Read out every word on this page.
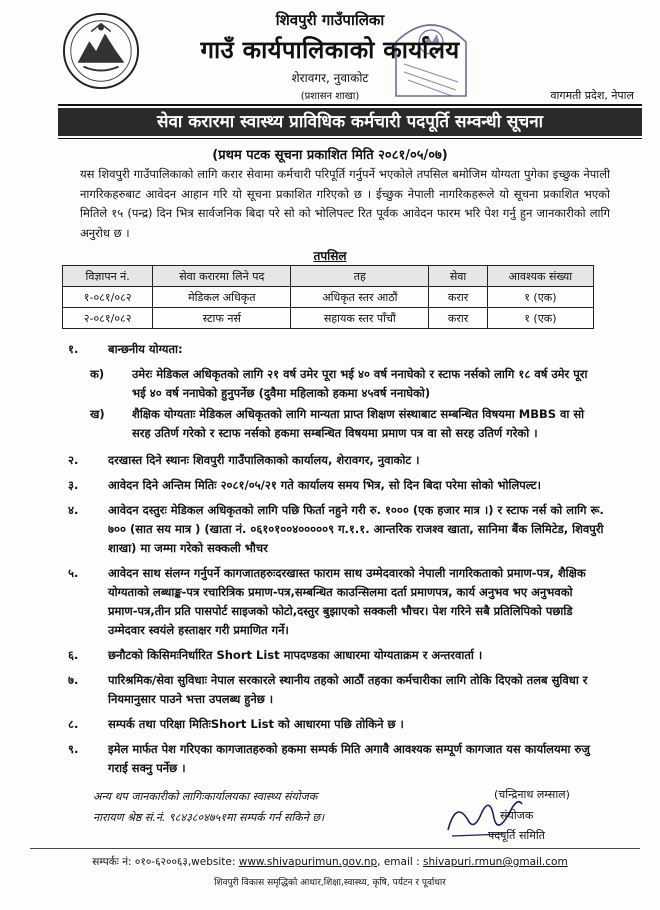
शिवपुरी गाउँपालिका
गाउँ कार्यपालिकाको कार्यालय
शेरावगर, नुवाकोट
(प्रशासन शाखा)	वागमती प्रदेश, नेपाल
सेवा करारमा स्वास्थ्य प्राविधिक कर्मचारी पदपूर्ति सम्वन्धी सूचना
(प्रथम पटक सूचना प्रकाशित मिति २०८१/०५/०७)
यस शिवपुरी गाउँपालिकाको लागि करार सेवामा कर्मचारी परिपूर्ति गर्नुपर्ने भएकोले तपसिल बमोजिम योग्यता पुगेका इच्छुक नेपाली नागरिकहरुबाट आवेदन आहान गरि यो सूचना प्रकाशित गरिएको छ । ईच्छुक नेपाली नागरिकहरूले यो सूचना प्रकाशित भएको मितिले १५ (पन्द्र) दिन भित्र सार्वजनिक बिदा परे सो को भोलिपल्ट रित पूर्वक आवेदन फारम भरि पेश गर्नु हुन जानकारीको लागि अनुरोध छ ।
तपसिल
विज्ञापन नं.	सेवा करारमा लिने पद	तह	सेवा	आवश्यक संख्या
१-०८१/०८२	मेडिकल अधिकृत	अधिकृत स्तर आठौं	करार	१ (एक)
२-०८१/०८२	स्टाफ नर्स	सहायक स्तर पाँचौं	करार	१ (एक)
१.	बान्छनीय योग्यता:
क) उमेरः मेडिकल अधिकृतको लागि २१ वर्ष उमेर पूरा भई ४० वर्ष ननाघेको र स्टाफ नर्सको लागि १८ वर्ष उमेर पूरा भई ४० वर्ष ननाघेको हुनुपर्नेछ (दुवैमा महिलाको हकमा ४५वर्ष ननाघेको)
ख) शैक्षिक योग्यताः मेडिकल अधिकृतको लागि मान्यता प्राप्त शिक्षण संस्थाबाट सम्बन्धित विषयमा MBBS वा सो सरह उतिर्ण गरेको र स्टाफ नर्सको हकमा सम्बन्धित विषयमा प्रमाण पत्र वा सो सरह उतिर्ण गरेको ।
२.	दरखास्त दिने स्थानः शिवपुरी गाउँपालिकाको कार्यालय, शेरावगर, नुवाकोट ।
३.	आवेदन दिने अन्तिम मितिः २०८१/०५/२१ गते कार्यालय समय भित्र, सो दिन बिदा परेमा सोको भोलिपल्ट।
४.	आवेदन दस्तुरः मेडिकल अधिकृतको लागि पछि फिर्ता नहुने गरी रु. १००० (एक हजार मात्र ।) र स्टाफ नर्स को लागि रू. ७०० (सात सय मात्र ) (खाता नं. ०६१०१००४०००००९ ग.१.१. आन्तरिक राजश्व खाता, सानिमा बैंक लिमिटेड, शिवपुरी शाखा) मा जम्मा गरेको सक्कली भौचर
५.	आवेदन साथ संलग्न गर्नुपर्ने कागजातहरुःदरखास्त फाराम साथ उम्मेदवारको नेपाली नागरिकताको प्रमाण-पत्र, शैक्षिक योग्यताको लब्धाङ्क-पत्र रचारित्रिक प्रमाण-पत्र,सम्बन्धित काउन्सिलमा दर्ता प्रमाणपत्र, कार्य अनुभव भए अनुभवको प्रमाण-पत्र,तीन प्रति पासपोर्ट साइजको फोटो,दस्तुर बुझाएको सक्कली भौचर। पेश गरिने सबै प्रतिलिपिको पछाडि उम्मेदवार स्वयंले हस्ताक्षर गरी प्रमाणित गर्ने।
६.	छनौटको किसिमःनिर्धारित Short List मापदण्डका आधारमा योग्यताक्रम र अन्तरवार्ता ।
७.	पारिश्रमिक/सेवा सुविधाः नेपाल सरकारले स्थानीय तहको आठौं तहका कर्मचारीका लागि तोकि दिएको तलब सुविधा र नियमानुसार पाउने भत्ता उपलब्ध हुनेछ ।
८.	सम्पर्क तथा परिक्षा मितिःShort List को आधारमा पछि तोकिने छ ।
९.	इमेल मार्फत पेश गरिएका कागजातहरुको हकमा सम्पर्क मिति अगावै आवश्यक सम्पूर्ण कागजात यस कार्यालयमा रुजु गराई सक्नु पर्नेछ ।
अन्य थप जानकारीको लागिःकार्यालयका स्वास्थ्य संयोजक
नारायण श्रेष्ठ सं.नं. ९८४३८०४७५१मा सम्पर्क गर्न सकिने छ।
(चन्द्रिनाथ लम्साल)
संयोजक
पदपूर्ति समिति
सम्पर्कः नं: ०१०-६२००६३,website: www.shivapurimun.gov.np, email : shivapuri.rmun@gmail.com
शिवपुरी विकास समृद्धिको आधार,शिक्षा,स्वास्थ्य, कृषि, पर्यटन र पूर्वाधार
